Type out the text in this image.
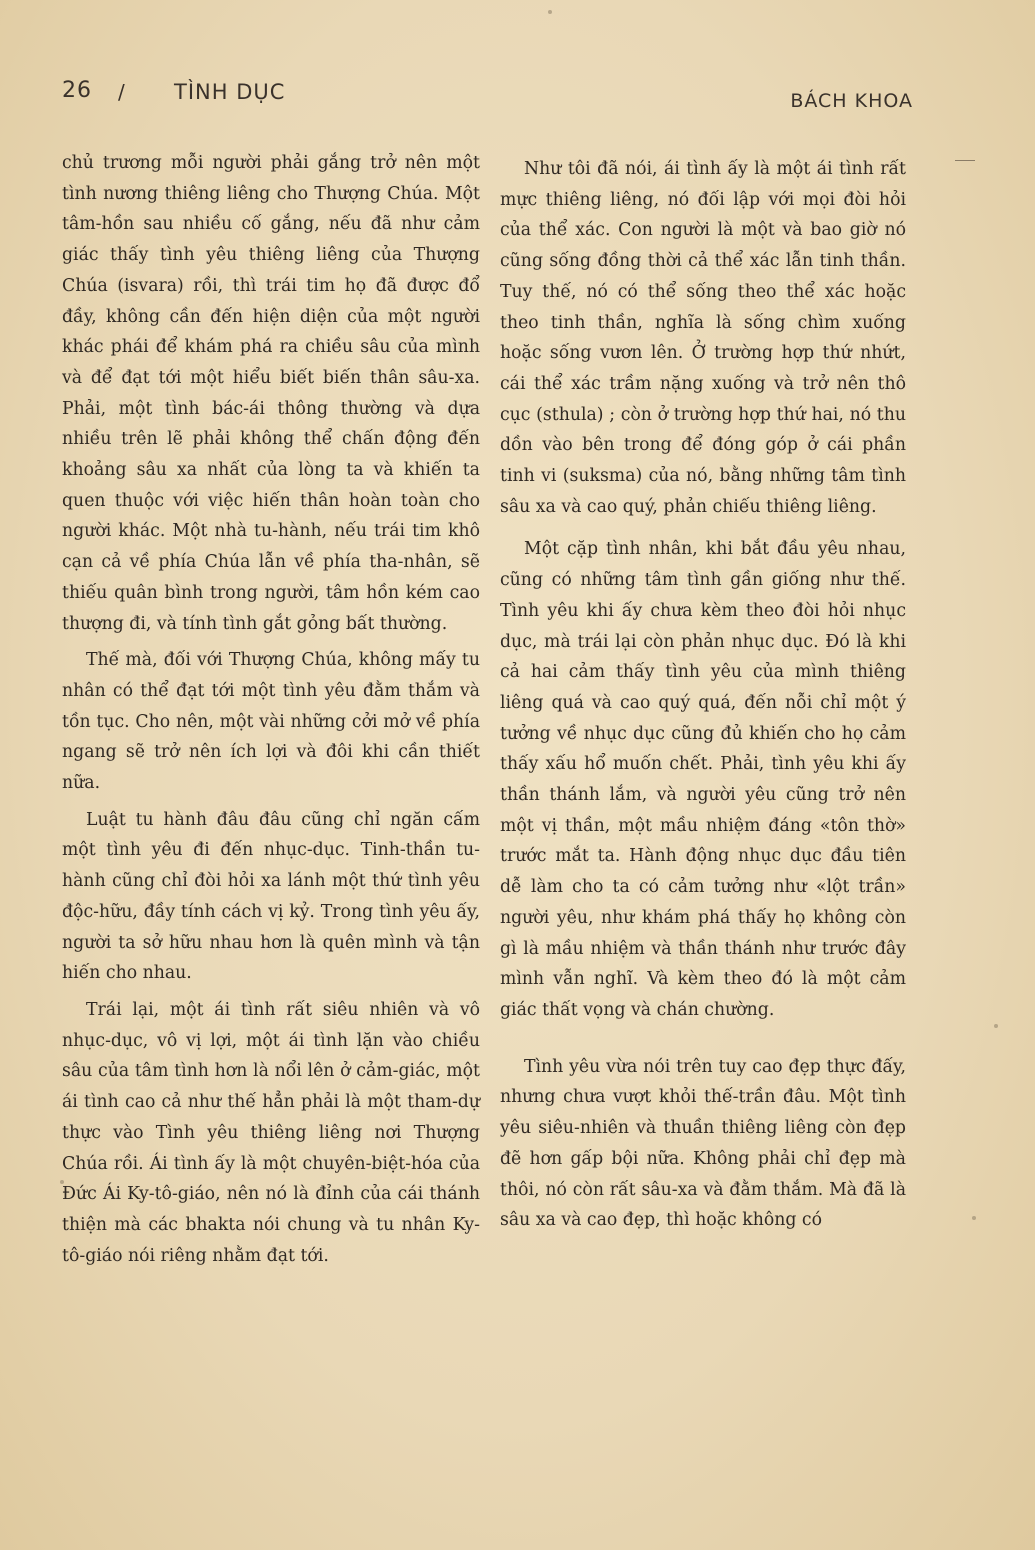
26 / TÌNH DỤC	BÁCH KHOA

chủ trương mỗi người phải gắng trở nên một tình nương thiêng liêng cho Thượng Chúa. Một tâm-hồn sau nhiều cố gắng, nếu đã như cảm giác thấy tình yêu thiêng liêng của Thượng Chúa (isvara) rồi, thì trái tim họ đã được đổ đầy, không cần đến hiện diện của một người khác phái để khám phá ra chiều sâu của mình và để đạt tới một hiểu biết biến thân sâu-xa. Phải, một tình bác-ái thông thường và dựa nhiều trên lẽ phải không thể chấn động đến khoảng sâu xa nhất của lòng ta và khiến ta quen thuộc với việc hiến thân hoàn toàn cho người khác. Một nhà tu-hành, nếu trái tim khô cạn cả về phía Chúa lẫn về phía tha-nhân, sẽ thiếu quân bình trong người, tâm hồn kém cao thượng đi, và tính tình gắt gỏng bất thường.

Thế mà, đối với Thượng Chúa, không mấy tu nhân có thể đạt tới một tình yêu đằm thắm và tồn tục. Cho nên, một vài những cởi mở về phía ngang sẽ trở nên ích lợi và đôi khi cần thiết nữa.

Luật tu hành đâu đâu cũng chỉ ngăn cấm một tình yêu đi đến nhục-dục. Tinh-thần tu-hành cũng chỉ đòi hỏi xa lánh một thứ tình yêu độc-hữu, đầy tính cách vị kỷ. Trong tình yêu ấy, người ta sở hữu nhau hơn là quên mình và tận hiến cho nhau.

Trái lại, một ái tình rất siêu nhiên và vô nhục-dục, vô vị lợi, một ái tình lặn vào chiều sâu của tâm tình hơn là nổi lên ở cảm-giác, một ái tình cao cả như thế hẳn phải là một tham-dự thực vào Tình yêu thiêng liêng nơi Thượng Chúa rồi. Ái tình ấy là một chuyên-biệt-hóa của Đức Ái Ky-tô-giáo, nên nó là đỉnh của cái thánh thiện mà các bhakta nói chung và tu nhân Ky-tô-giáo nói riêng nhằm đạt tới.

Như tôi đã nói, ái tình ấy là một ái tình rất mực thiêng liêng, nó đối lập với mọi đòi hỏi của thể xác. Con người là một và bao giờ nó cũng sống đồng thời cả thể xác lẫn tinh thần. Tuy thế, nó có thể sống theo thể xác hoặc theo tinh thần, nghĩa là sống chìm xuống hoặc sống vươn lên. Ở trường hợp thứ nhứt, cái thể xác trầm nặng xuống và trở nên thô cục (sthula) ; còn ở trường hợp thứ hai, nó thu dồn vào bên trong để đóng góp ở cái phần tinh vi (suksma) của nó, bằng những tâm tình sâu xa và cao quý, phản chiếu thiêng liêng.

Một cặp tình nhân, khi bắt đầu yêu nhau, cũng có những tâm tình gần giống như thế. Tình yêu khi ấy chưa kèm theo đòi hỏi nhục dục, mà trái lại còn phản nhục dục. Đó là khi cả hai cảm thấy tình yêu của mình thiêng liêng quá và cao quý quá, đến nỗi chỉ một ý tưởng về nhục dục cũng đủ khiến cho họ cảm thấy xấu hổ muốn chết. Phải, tình yêu khi ấy thần thánh lắm, và người yêu cũng trở nên một vị thần, một mầu nhiệm đáng «tôn thờ» trước mắt ta. Hành động nhục dục đầu tiên dễ làm cho ta có cảm tưởng như «lột trần» người yêu, như khám phá thấy họ không còn gì là mầu nhiệm và thần thánh như trước đây mình vẫn nghĩ. Và kèm theo đó là một cảm giác thất vọng và chán chường.

Tình yêu vừa nói trên tuy cao đẹp thực đấy, nhưng chưa vượt khỏi thế-trần đâu. Một tình yêu siêu-nhiên và thuần thiêng liêng còn đẹp đẽ hơn gấp bội nữa. Không phải chỉ đẹp mà thôi, nó còn rất sâu-xa và đằm thắm. Mà đã là sâu xa và cao đẹp, thì hoặc không có
